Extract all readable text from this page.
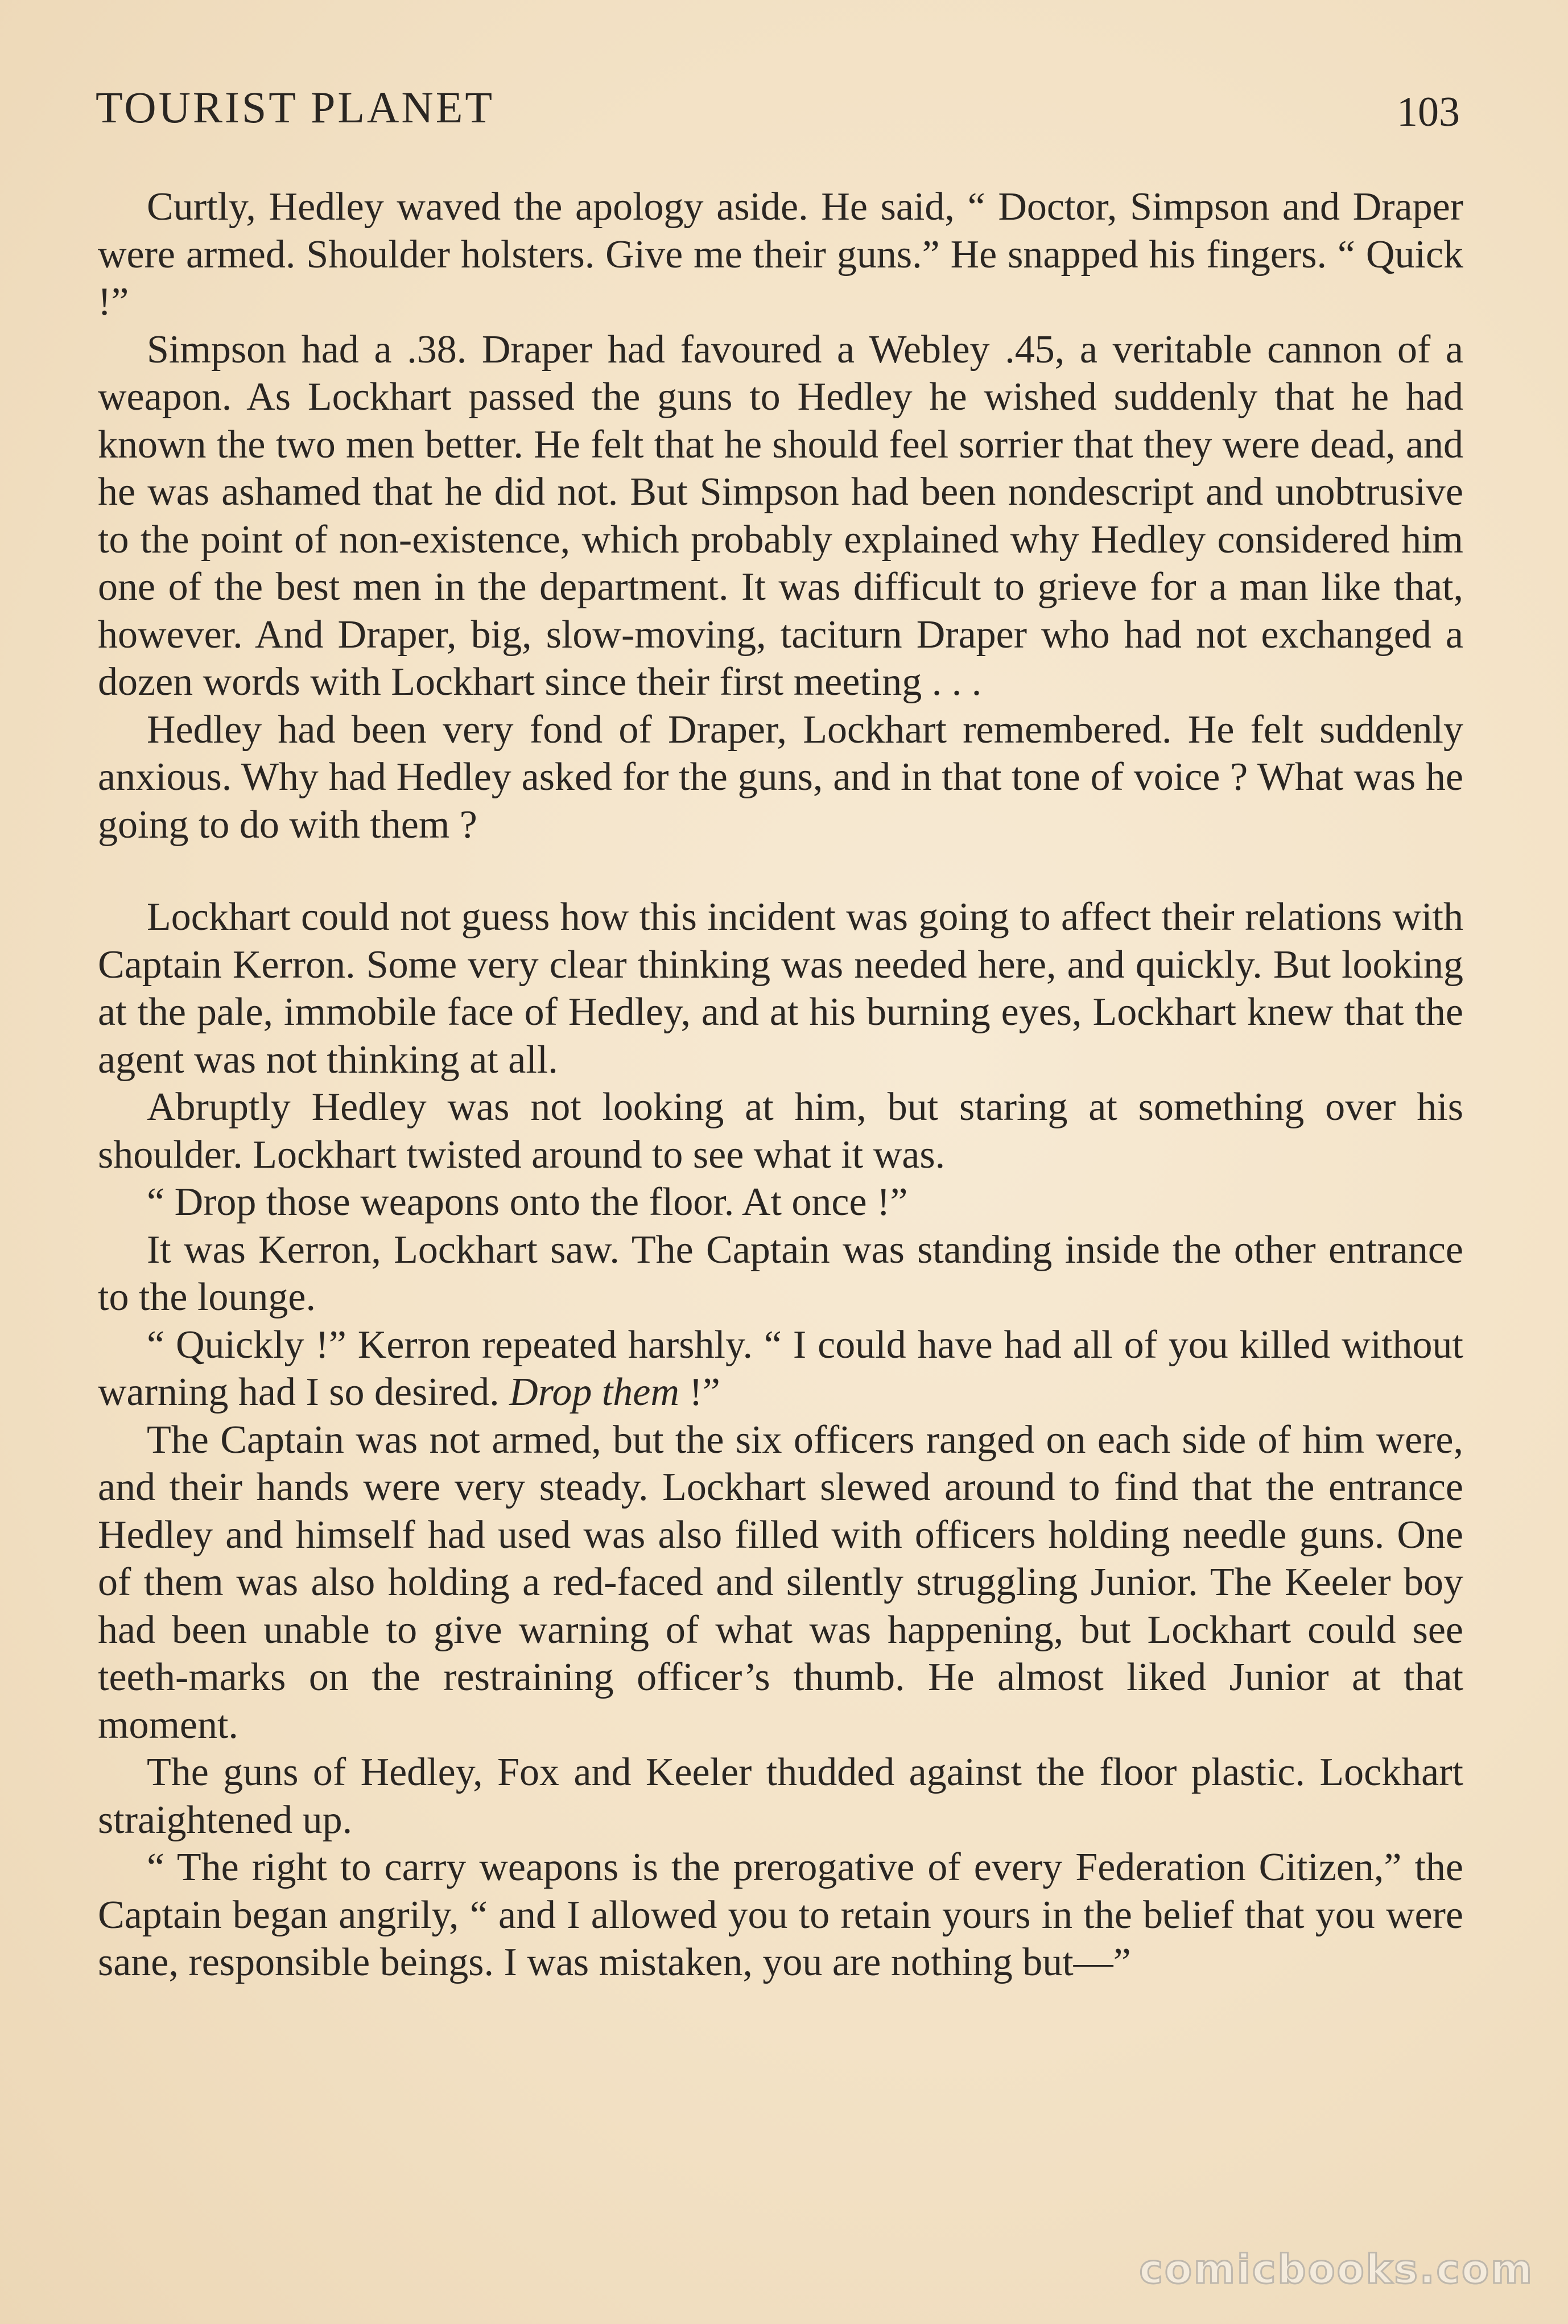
TOURIST PLANET	103

Curtly, Hedley waved the apology aside. He said, “ Doctor, Simpson and Draper were armed. Shoulder holsters. Give me their guns.” He snapped his fingers. “ Quick !”

Simpson had a .38. Draper had favoured a Webley .45, a veritable cannon of a weapon. As Lockhart passed the guns to Hedley he wished suddenly that he had known the two men better. He felt that he should feel sorrier that they were dead, and he was ashamed that he did not. But Simpson had been nondescript and unobtrusive to the point of non-existence, which probably explained why Hedley considered him one of the best men in the department. It was difficult to grieve for a man like that, however. And Draper, big, slow-moving, taciturn Draper who had not exchanged a dozen words with Lockhart since their first meeting . . .

Hedley had been very fond of Draper, Lockhart remembered. He felt suddenly anxious. Why had Hedley asked for the guns, and in that tone of voice ? What was he going to do with them ?

Lockhart could not guess how this incident was going to affect their relations with Captain Kerron. Some very clear thinking was needed here, and quickly. But looking at the pale, immobile face of Hedley, and at his burning eyes, Lockhart knew that the agent was not thinking at all.

Abruptly Hedley was not looking at him, but staring at something over his shoulder. Lockhart twisted around to see what it was.

“ Drop those weapons onto the floor. At once !”

It was Kerron, Lockhart saw. The Captain was standing inside the other entrance to the lounge.

“ Quickly !” Kerron repeated harshly. “ I could have had all of you killed without warning had I so desired. Drop them !”

The Captain was not armed, but the six officers ranged on each side of him were, and their hands were very steady. Lockhart slewed around to find that the entrance Hedley and himself had used was also filled with officers holding needle guns. One of them was also holding a red-faced and silently struggling Junior. The Keeler boy had been unable to give warning of what was happening, but Lockhart could see teeth-marks on the restraining officer’s thumb. He almost liked Junior at that moment.

The guns of Hedley, Fox and Keeler thudded against the floor plastic. Lockhart straightened up.

“ The right to carry weapons is the prerogative of every Federation Citizen,” the Captain began angrily, “ and I allowed you to retain yours in the belief that you were sane, responsible beings. I was mistaken, you are nothing but—”

comicbooks.com
